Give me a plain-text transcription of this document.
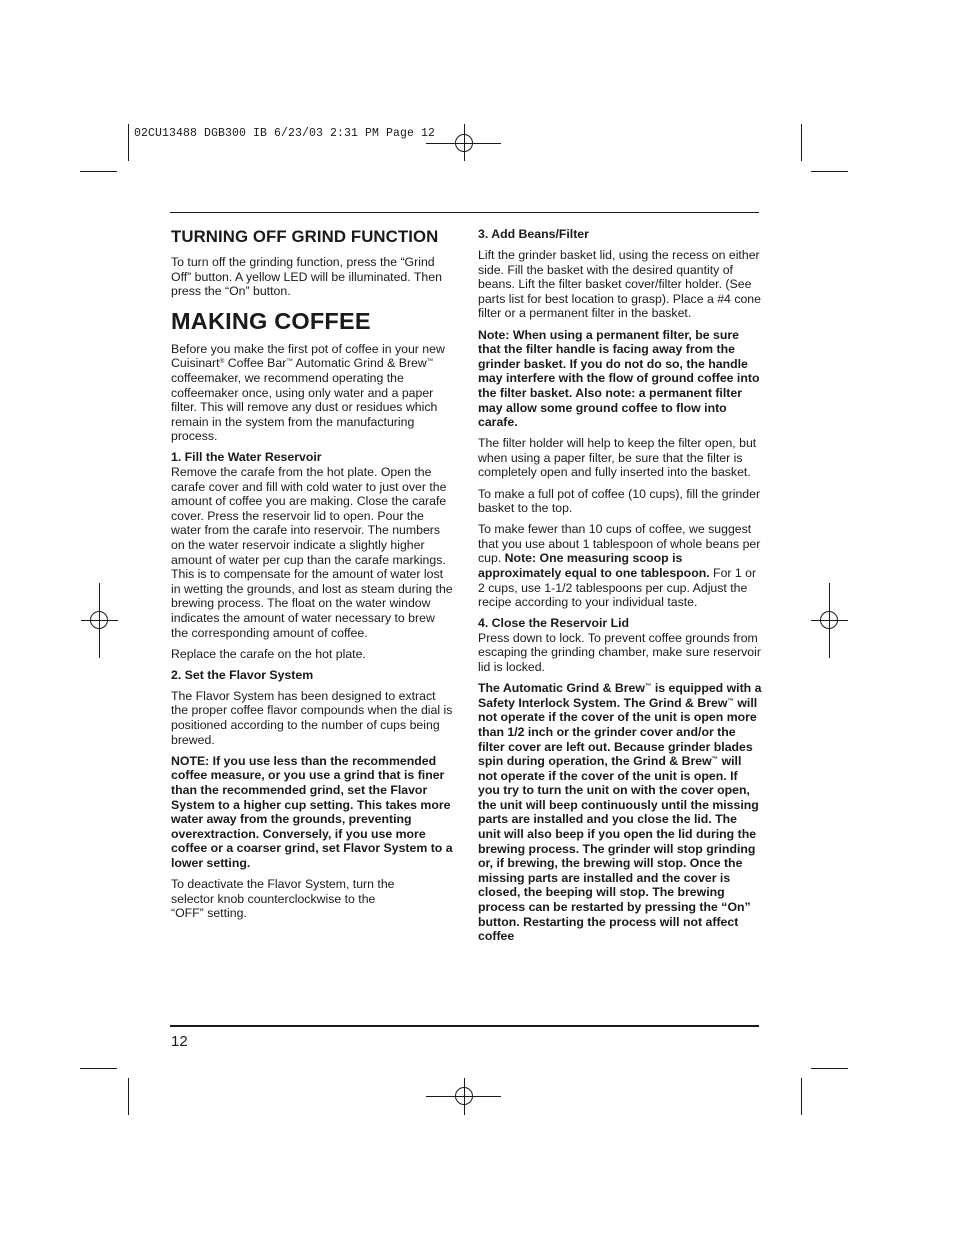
02CU13488 DGB300 IB 6/23/03 2:31 PM Page 12
TURNING OFF GRIND FUNCTION

To turn off the grinding function, press the “Grind Off” button. A yellow LED will be illuminated. Then press the “On” button.

MAKING COFFEE

Before you make the first pot of coffee in your new Cuisinart® Coffee Bar™ Automatic Grind & Brew™ coffeemaker, we recommend operating the coffeemaker once, using only water and a paper filter. This will remove any dust or residues which remain in the system from the manufacturing process.

1. Fill the Water Reservoir

Remove the carafe from the hot plate. Open the carafe cover and fill with cold water to just over the amount of coffee you are making. Close the carafe cover. Press the reservoir lid to open. Pour the water from the carafe into reservoir. The numbers on the water reservoir indicate a slightly higher amount of water per cup than the carafe markings. This is to compensate for the amount of water lost in wetting the grounds, and lost as steam during the brewing process. The float on the water window indicates the amount of water necessary to brew the corresponding amount of coffee.

Replace the carafe on the hot plate.

2. Set the Flavor System

The Flavor System has been designed to extract the proper coffee flavor compounds when the dial is positioned according to the number of cups being brewed.

NOTE: If you use less than the recommended coffee measure, or you use a grind that is finer than the recommended grind, set the Flavor System to a higher cup setting. This takes more water away from the grounds, preventing overextraction. Conversely, if you use more coffee or a coarser grind, set Flavor System to a lower setting.

To deactivate the Flavor System, turn the selector knob counterclockwise to the “OFF” setting.

3. Add Beans/Filter

Lift the grinder basket lid, using the recess on either side. Fill the basket with the desired quantity of beans. Lift the filter basket cover/filter holder. (See parts list for best location to grasp). Place a #4 cone filter or a permanent filter in the basket.

Note: When using a permanent filter, be sure that the filter handle is facing away from the grinder basket. If you do not do so, the handle may interfere with the flow of ground coffee into the filter basket. Also note: a permanent filter may allow some ground coffee to flow into carafe.

The filter holder will help to keep the filter open, but when using a paper filter, be sure that the filter is completely open and fully inserted into the basket.

To make a full pot of coffee (10 cups), fill the grinder basket to the top.

To make fewer than 10 cups of coffee, we suggest that you use about 1 tablespoon of whole beans per cup. Note: One measuring scoop is approximately equal to one tablespoon. For 1 or 2 cups, use 1-1/2 tablespoons per cup. Adjust the recipe according to your individual taste.

4. Close the Reservoir Lid

Press down to lock. To prevent coffee grounds from escaping the grinding chamber, make sure reservoir lid is locked.

The Automatic Grind & Brew™ is equipped with a Safety Interlock System. The Grind & Brew™ will not operate if the cover of the unit is open more than 1/2 inch or the grinder cover and/or the filter cover are left out. Because grinder blades spin during operation, the Grind & Brew™ will not operate if the cover of the unit is open. If you try to turn the unit on with the cover open, the unit will beep continuously until the missing parts are installed and you close the lid. The unit will also beep if you open the lid during the brewing process. The grinder will stop grinding or, if brewing, the brewing will stop. Once the missing parts are installed and the cover is closed, the beeping will stop. The brewing process can be restarted by pressing the “On” button. Restarting the process will not affect coffee

12
